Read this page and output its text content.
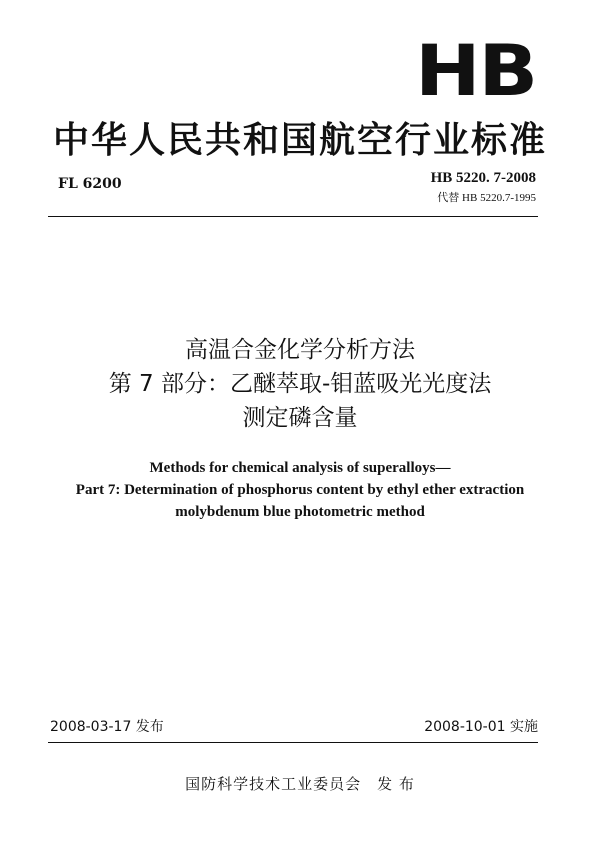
HB
中华人民共和国航空行业标准
FL 6200	HB 5220. 7-2008
代替 HB 5220.7-1995
高温合金化学分析方法
第 7 部分：乙醚萃取-钼蓝吸光光度法
测定磷含量
Methods for chemical analysis of superalloys—
Part 7: Determination of phosphorus content by ethyl ether extraction
molybdenum blue photometric method
2008-03-17 发布	2008-10-01 实施
国防科学技术工业委员会　发 布
